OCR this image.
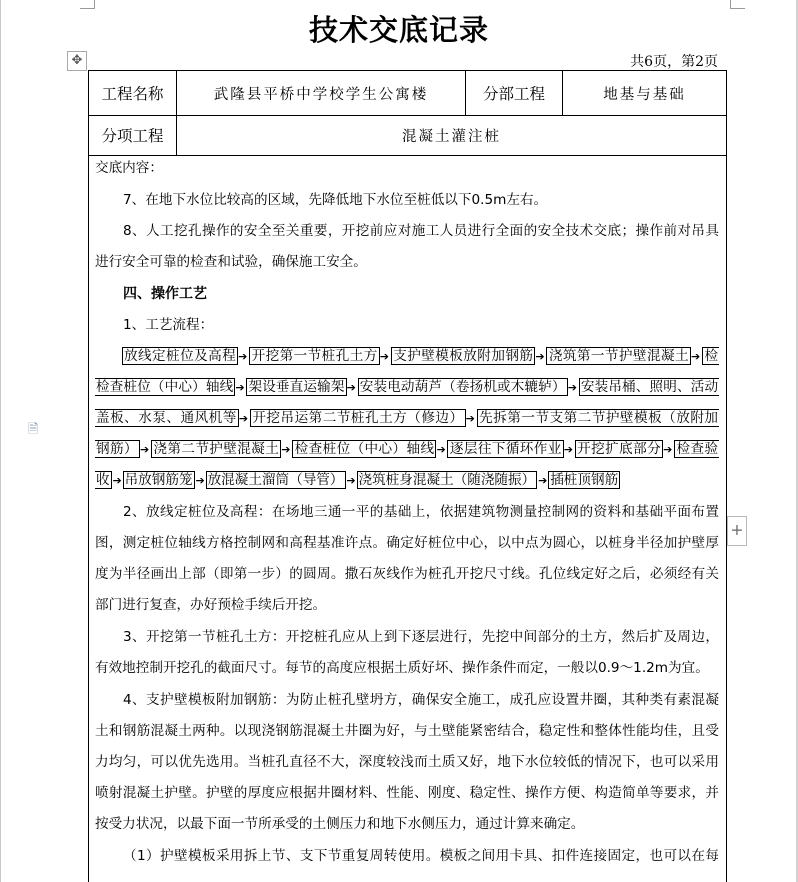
技术交底记录
共6页，第2页
✥
🗎
+
工程名称	武隆县平桥中学校学生公寓楼	分部工程	地基与基础
分项工程	混凝土灌注桩
交底内容：
7、在地下水位比较高的区域，先降低地下水位至桩低以下0.5m左右。
8、人工挖孔操作的安全至关重要，开挖前应对施工人员进行全面的安全技术交底；操作前对吊具
进行安全可靠的检查和试验，确保施工安全。
四、操作工艺
1、工艺流程：
放线定桩位及高程 ➔ 开挖第一节桩孔土方 ➔ 支护壁模板放附加钢筋 ➔ 浇筑第一节护壁混凝土 ➔ 检
检查桩位（中心）轴线 ➔ 架设垂直运输架 ➔ 安装电动葫芦（卷扬机或木辘轳） ➔ 安装吊桶、照明、活动
盖板、水泵、通风机等 ➔ 开挖吊运第二节桩孔土方（修边） ➔ 先拆第一节支第二节护壁模板（放附加
钢筋） ➔ 浇第二节护壁混凝土 ➔ 检查桩位（中心）轴线 ➔ 逐层往下循环作业 ➔ 开挖扩底部分 ➔ 检查验
收 ➔ 吊放钢筋笼 ➔ 放混凝土溜筒（导管） ➔ 浇筑桩身混凝土（随浇随振） ➔ 插桩顶钢筋
2、放线定桩位及高程：在场地三通一平的基础上，依据建筑物测量控制网的资料和基础平面布置
图，测定桩位轴线方格控制网和高程基准许点。确定好桩位中心，以中点为圆心，以桩身半径加护壁厚
度为半径画出上部（即第一步）的圆周。撒石灰线作为桩孔开挖尺寸线。孔位线定好之后，必须经有关
部门进行复查，办好预检手续后开挖。
3、开挖第一节桩孔土方：开挖桩孔应从上到下逐层进行，先挖中间部分的土方，然后扩及周边，
有效地控制开挖孔的截面尺寸。每节的高度应根据土质好坏、操作条件而定，一般以0.9～1.2m为宜。
4、支护壁模板附加钢筋：为防止桩孔壁坍方，确保安全施工，成孔应设置井圈，其种类有素混凝
土和钢筋混凝土两种。以现浇钢筋混凝土井圈为好，与土壁能紧密结合，稳定性和整体性能均佳，且受
力均匀，可以优先选用。当桩孔直径不大，深度较浅而土质又好，地下水位较低的情况下，也可以采用
喷射混凝土护壁。护壁的厚度应根据井圈材料、性能、刚度、稳定性、操作方便、构造简单等要求，并
按受力状况，以最下面一节所承受的土侧压力和地下水侧压力，通过计算来确定。
（1）护壁模板采用拆上节、支下节重复周转使用。模板之间用卡具、扣件连接固定，也可以在每
